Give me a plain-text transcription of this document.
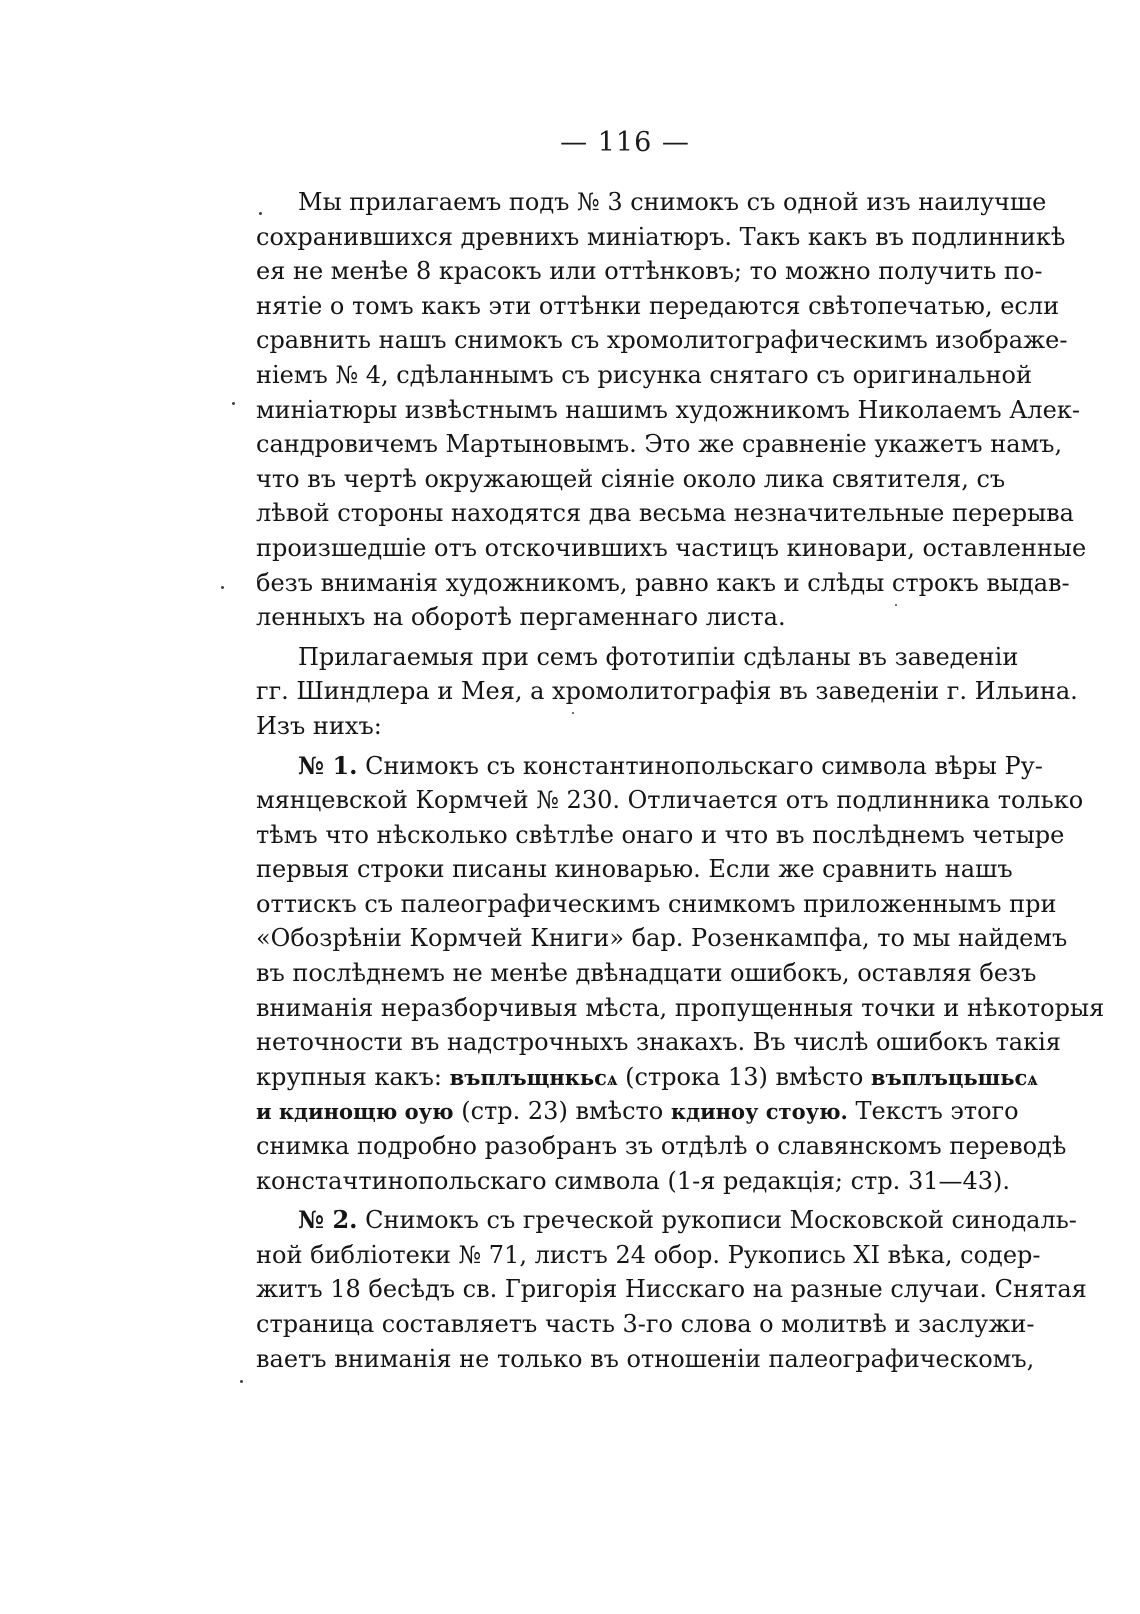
— 116 —
Мы прилагаемъ подъ № 3 снимокъ съ одной изъ наилучше
сохранившихся древнихъ миніатюръ. Такъ какъ въ подлинникѣ
ея не менѣе 8 красокъ или оттѣнковъ; то можно получить по-
нятіе о томъ какъ эти оттѣнки передаются свѣтопечатью, если
сравнить нашъ снимокъ съ хромолитографическимъ изображе-
ніемъ № 4, сдѣланнымъ съ рисунка снятаго съ оригинальной
миніатюры извѣстнымъ нашимъ художникомъ Николаемъ Алек-
сандровичемъ Мартыновымъ. Это же сравненіе укажетъ намъ,
что въ чертѣ окружающей сіяніе около лика святителя, съ
лѣвой стороны находятся два весьма незначительные перерыва
произшедшіе отъ отскочившихъ частицъ киновари, оставленные
безъ вниманія художникомъ, равно какъ и слѣды строкъ выдав-
ленныхъ на оборотѣ пергаменнаго листа.
Прилагаемыя при семъ фототипіи сдѣланы въ заведеніи
гг. Шиндлера и Мея, а хромолитографія въ заведеніи г. Ильина.
Изъ нихъ:
№ 1. Снимокъ съ константинопольскаго символа вѣры Ру-
мянцевской Кормчей № 230. Отличается отъ подлинника только
тѣмъ что нѣсколько свѣтлѣе онаго и что въ послѣднемъ четыре
первыя строки писаны киноварью. Если же сравнить нашъ
оттискъ съ палеографическимъ снимкомъ приложеннымъ при
«Обозрѣніи Кормчей Книги» бар. Розенкампфа, то мы найдемъ
въ послѣднемъ не менѣе двѣнадцати ошибокъ, оставляя безъ
вниманія неразборчивыя мѣста, пропущенныя точки и нѣкоторыя
неточности въ надстрочныхъ знакахъ. Въ числѣ ошибокъ такія
крупныя какъ: въплъщнкьсѧ (строка 13) вмѣсто въплъцьшьсѧ
и кдинощю оую (стр. 23) вмѣсто кдиноу стоую. Текстъ этого
снимка подробно разобранъ зъ отдѣлѣ о славянскомъ переводѣ
констачтинопольскаго символа (1-я редакція; стр. 31—43).
№ 2. Снимокъ съ греческой рукописи Московской синодаль-
ной библіотеки № 71, листъ 24 обор. Рукопись XI вѣка, содер-
житъ 18 бесѣдъ св. Григорія Нисскаго на разные случаи. Снятая
страница составляетъ часть 3-го слова о молитвѣ и заслужи-
ваетъ вниманія не только въ отношеніи палеографическомъ,
